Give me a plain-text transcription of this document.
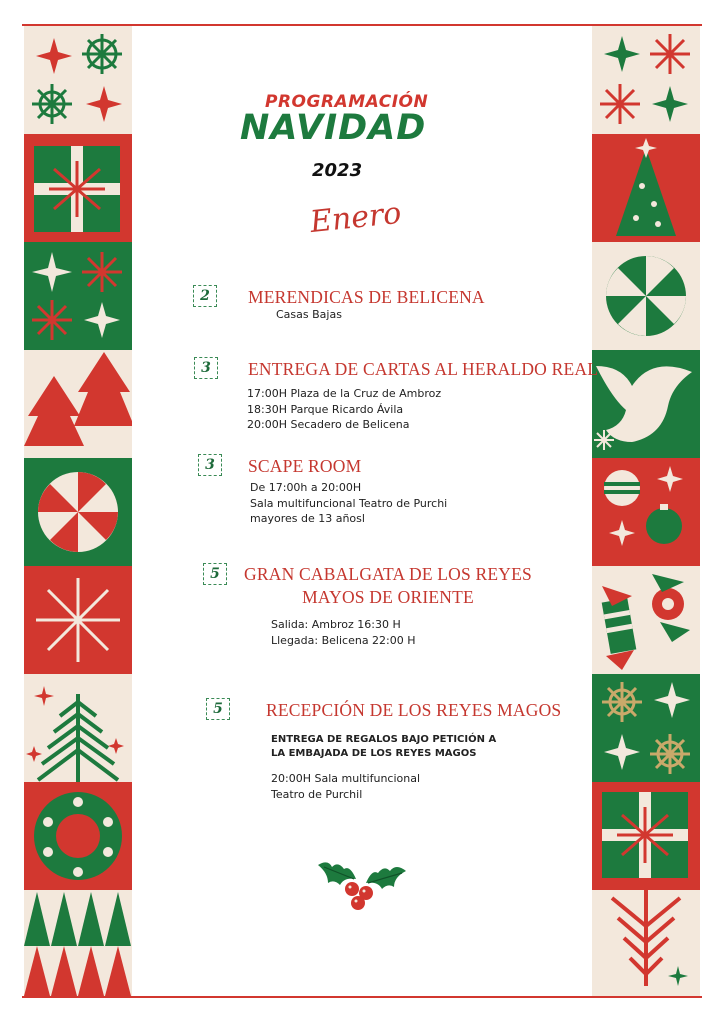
PROGRAMACIÓN
NAVIDAD
2023
Enero
2	MERENDICAS DE BELICENA
Casas Bajas
3	ENTREGA DE CARTAS AL HERALDO REAL
17:00H Plaza de la Cruz de Ambroz
18:30H Parque Ricardo Ávila
20:00H Secadero de Belicena
3	SCAPE ROOM
De 17:00h a 20:00H
Sala multifuncional Teatro de Purchi
mayores de 13 añosl
5	GRAN CABALGATA DE LOS REYES
MAYOS DE ORIENTE
Salida: Ambroz 16:30 H
Llegada: Belicena 22:00 H
5	RECEPCIÓN DE LOS REYES MAGOS
ENTREGA DE REGALOS BAJO PETICIÓN A
LA EMBAJADA DE LOS REYES MAGOS
20:00H Sala multifuncional
Teatro de Purchil
